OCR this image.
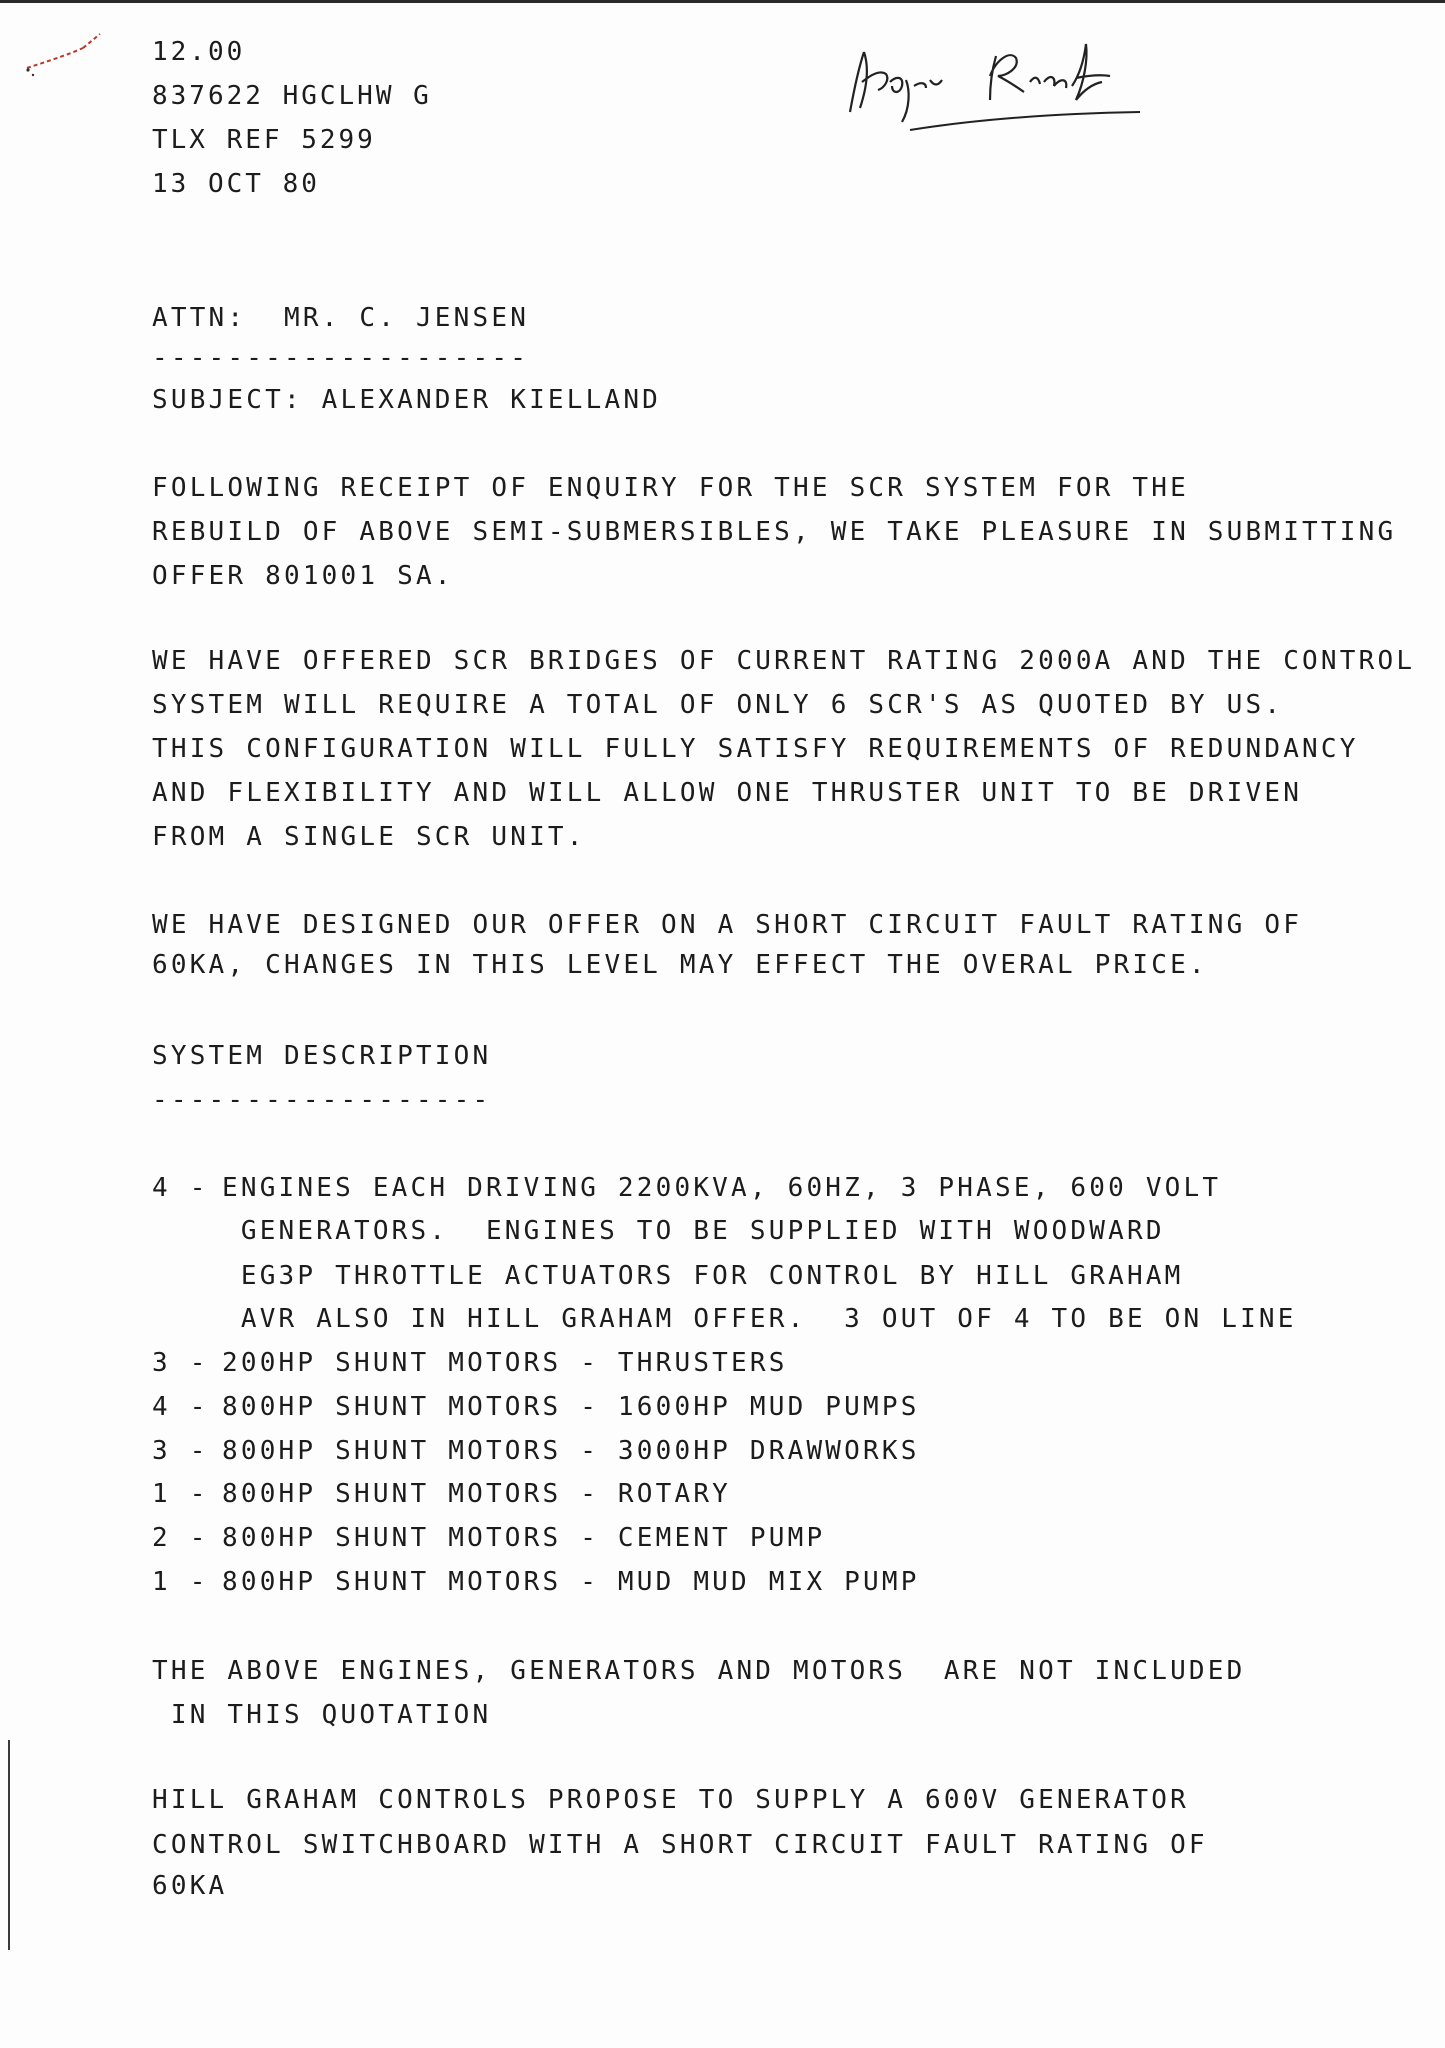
12.00
837622 HGCLHW G
TLX REF 5299
13 OCT 80
ATTN:  MR. C. JENSEN
--------------------
SUBJECT: ALEXANDER KIELLAND
FOLLOWING RECEIPT OF ENQUIRY FOR THE SCR SYSTEM FOR THE
REBUILD OF ABOVE SEMI-SUBMERSIBLES, WE TAKE PLEASURE IN SUBMITTING
OFFER 801001 SA.
WE HAVE OFFERED SCR BRIDGES OF CURRENT RATING 2000A AND THE CONTROL
SYSTEM WILL REQUIRE A TOTAL OF ONLY 6 SCR'S AS QUOTED BY US.
THIS CONFIGURATION WILL FULLY SATISFY REQUIREMENTS OF REDUNDANCY
AND FLEXIBILITY AND WILL ALLOW ONE THRUSTER UNIT TO BE DRIVEN
FROM A SINGLE SCR UNIT.
WE HAVE DESIGNED OUR OFFER ON A SHORT CIRCUIT FAULT RATING OF
60KA, CHANGES IN THIS LEVEL MAY EFFECT THE OVERAL PRICE.
SYSTEM DESCRIPTION
------------------
4 - ENGINES EACH DRIVING 2200KVA, 60HZ, 3 PHASE, 600 VOLT
GENERATORS.  ENGINES TO BE SUPPLIED WITH WOODWARD
EG3P THROTTLE ACTUATORS FOR CONTROL BY HILL GRAHAM
AVR ALSO IN HILL GRAHAM OFFER.  3 OUT OF 4 TO BE ON LINE
3 - 200HP SHUNT MOTORS - THRUSTERS
4 - 800HP SHUNT MOTORS - 1600HP MUD PUMPS
3 - 800HP SHUNT MOTORS - 3000HP DRAWWORKS
1 - 800HP SHUNT MOTORS - ROTARY
2 - 800HP SHUNT MOTORS - CEMENT PUMP
1 - 800HP SHUNT MOTORS - MUD MUD MIX PUMP
THE ABOVE ENGINES, GENERATORS AND MOTORS  ARE NOT INCLUDED
IN THIS QUOTATION
HILL GRAHAM CONTROLS PROPOSE TO SUPPLY A 600V GENERATOR
CONTROL SWITCHBOARD WITH A SHORT CIRCUIT FAULT RATING OF
60KA
